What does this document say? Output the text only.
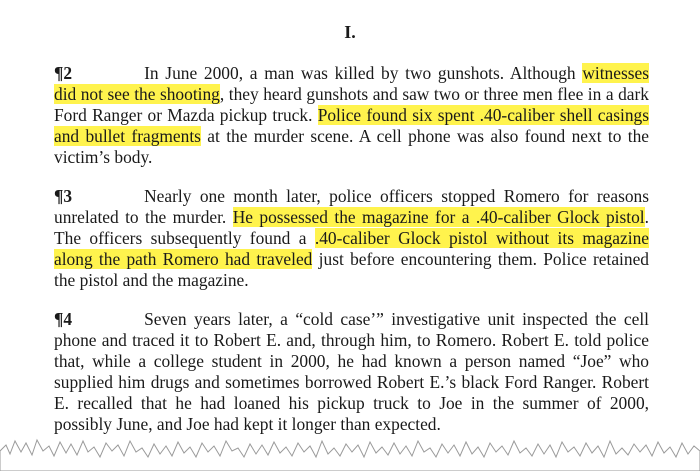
I.
¶2	In June 2000, a man was killed by two gunshots. Although witnesses did not see the shooting, they heard gunshots and saw two or three men flee in a dark Ford Ranger or Mazda pickup truck. Police found six spent .40-caliber shell casings and bullet fragments at the murder scene. A cell phone was also found next to the victim’s body.
¶3	Nearly one month later, police officers stopped Romero for reasons unrelated to the murder. He possessed the magazine for a .40-caliber Glock pistol. The officers subsequently found a .40-caliber Glock pistol without its magazine along the path Romero had traveled just before encountering them. Police retained the pistol and the magazine.
¶4	Seven years later, a “cold case’” investigative unit inspected the cell phone and traced it to Robert E. and, through him, to Romero. Robert E. told police that, while a college student in 2000, he had known a person named “Joe” who supplied him drugs and sometimes borrowed Robert E.’s black Ford Ranger. Robert E. recalled that he had loaned his pickup truck to Joe in the summer of 2000, possibly June, and Joe had kept it longer than expected.
